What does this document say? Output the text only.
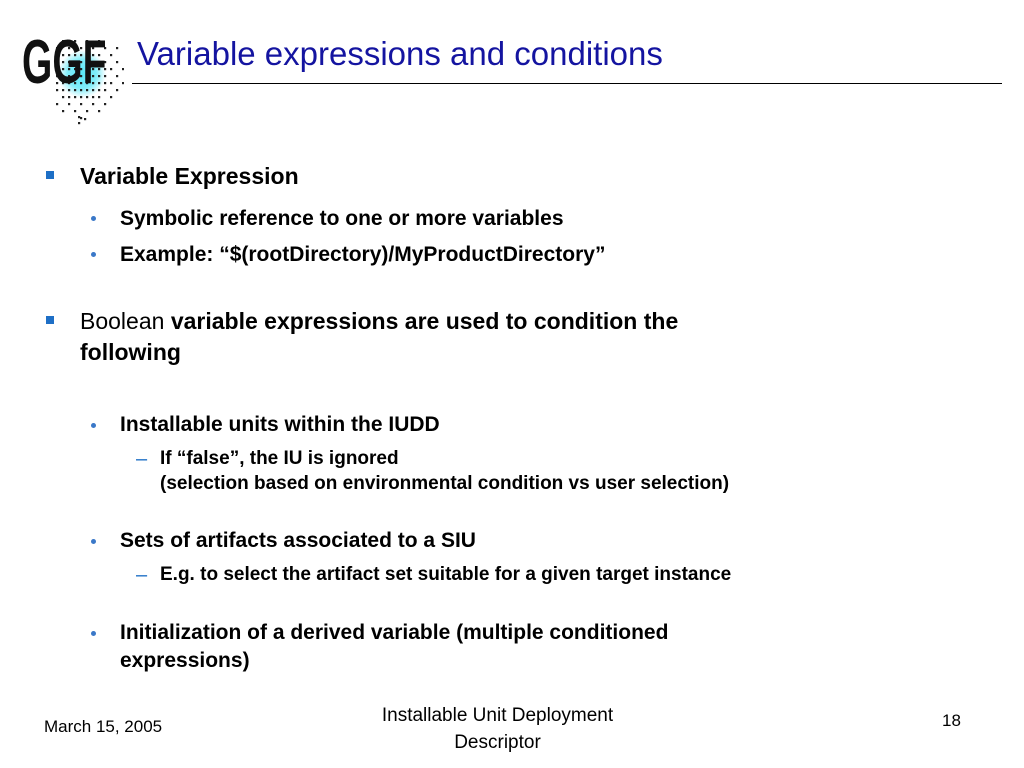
GGF Variable expressions and conditions
Variable Expression
Symbolic reference to one or more variables
Example: “$(rootDirectory)/MyProductDirectory”
Boolean variable expressions are used to condition the
following
Installable units within the IUDD
– If “false”, the IU is ignored
(selection based on environmental condition vs user selection)
Sets of artifacts associated to a SIU
– E.g. to select the artifact set suitable for a given target instance
Initialization of a derived variable (multiple conditioned
expressions)
March 15, 2005
Installable Unit Deployment
Descriptor
18
